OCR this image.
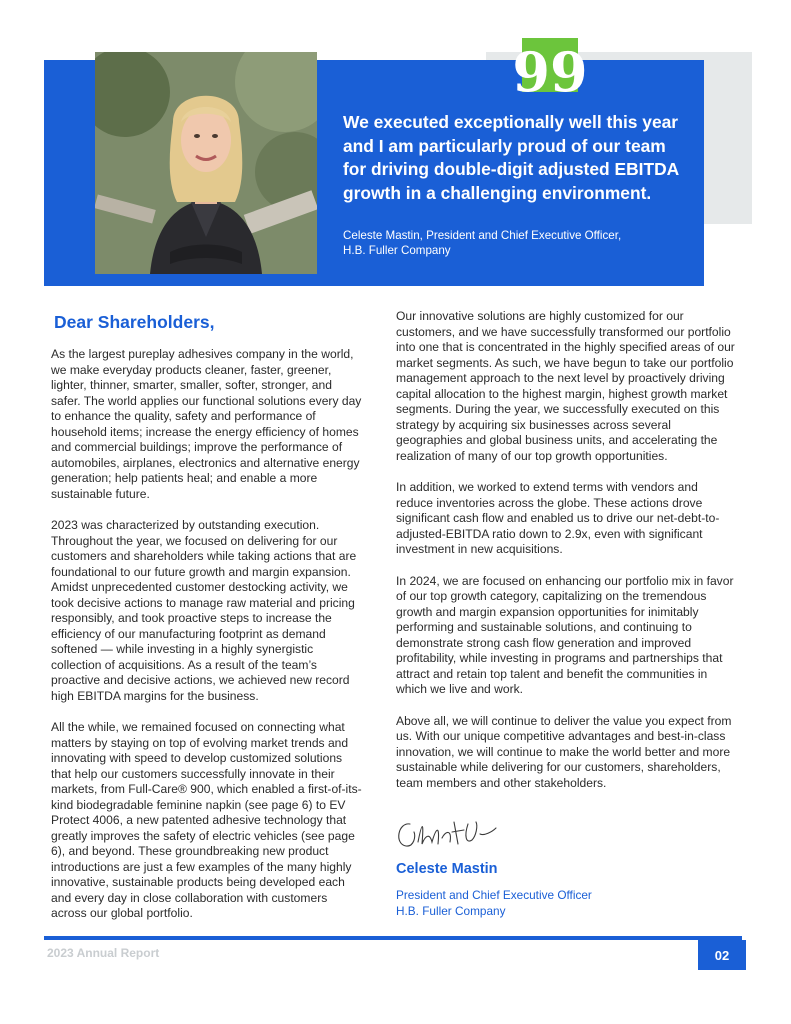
99

We executed exceptionally well this year and I am particularly proud of our team for driving double-digit adjusted EBITDA growth in a challenging environment.

Celeste Mastin, President and Chief Executive Officer,
H.B. Fuller Company
Dear Shareholders,

As the largest pureplay adhesives company in the world, we make everyday products cleaner, faster, greener, lighter, thinner, smarter, smaller, softer, stronger, and safer. The world applies our functional solutions every day to enhance the quality, safety and performance of household items; increase the energy efficiency of homes and commercial buildings; improve the performance of automobiles, airplanes, electronics and alternative energy generation; help patients heal; and enable a more sustainable future.

2023 was characterized by outstanding execution. Throughout the year, we focused on delivering for our customers and shareholders while taking actions that are foundational to our future growth and margin expansion. Amidst unprecedented customer destocking activity, we took decisive actions to manage raw material and pricing responsibly, and took proactive steps to increase the efficiency of our manufacturing footprint as demand softened — while investing in a highly synergistic collection of acquisitions. As a result of the team’s proactive and decisive actions, we achieved new record high EBITDA margins for the business.

All the while, we remained focused on connecting what matters by staying on top of evolving market trends and innovating with speed to develop customized solutions that help our customers successfully innovate in their markets, from Full-Care® 900, which enabled a first-of-its-kind biodegradable feminine napkin (see page 6) to EV Protect 4006, a new patented adhesive technology that greatly improves the safety of electric vehicles (see page 6), and beyond. These groundbreaking new product introductions are just a few examples of the many highly innovative, sustainable products being developed each and every day in close collaboration with customers across our global portfolio.

Our innovative solutions are highly customized for our customers, and we have successfully transformed our portfolio into one that is concentrated in the highly specified areas of our market segments. As such, we have begun to take our portfolio management approach to the next level by proactively driving capital allocation to the highest margin, highest growth market segments. During the year, we successfully executed on this strategy by acquiring six businesses across several geographies and global business units, and accelerating the realization of many of our top growth opportunities.

In addition, we worked to extend terms with vendors and reduce inventories across the globe. These actions drove significant cash flow and enabled us to drive our net-debt-to-adjusted-EBITDA ratio down to 2.9x, even with significant investment in new acquisitions.

In 2024, we are focused on enhancing our portfolio mix in favor of our top growth category, capitalizing on the tremendous growth and margin expansion opportunities for inimitably performing and sustainable solutions, and continuing to demonstrate strong cash flow generation and improved profitability, while investing in programs and partnerships that attract and retain top talent and benefit the communities in which we live and work.

Above all, we will continue to deliver the value you expect from us. With our unique competitive advantages and best-in-class innovation, we will continue to make the world better and more sustainable while delivering for our customers, shareholders, team members and other stakeholders.

Celeste Mastin
President and Chief Executive Officer
H.B. Fuller Company
2023 Annual Report	02
